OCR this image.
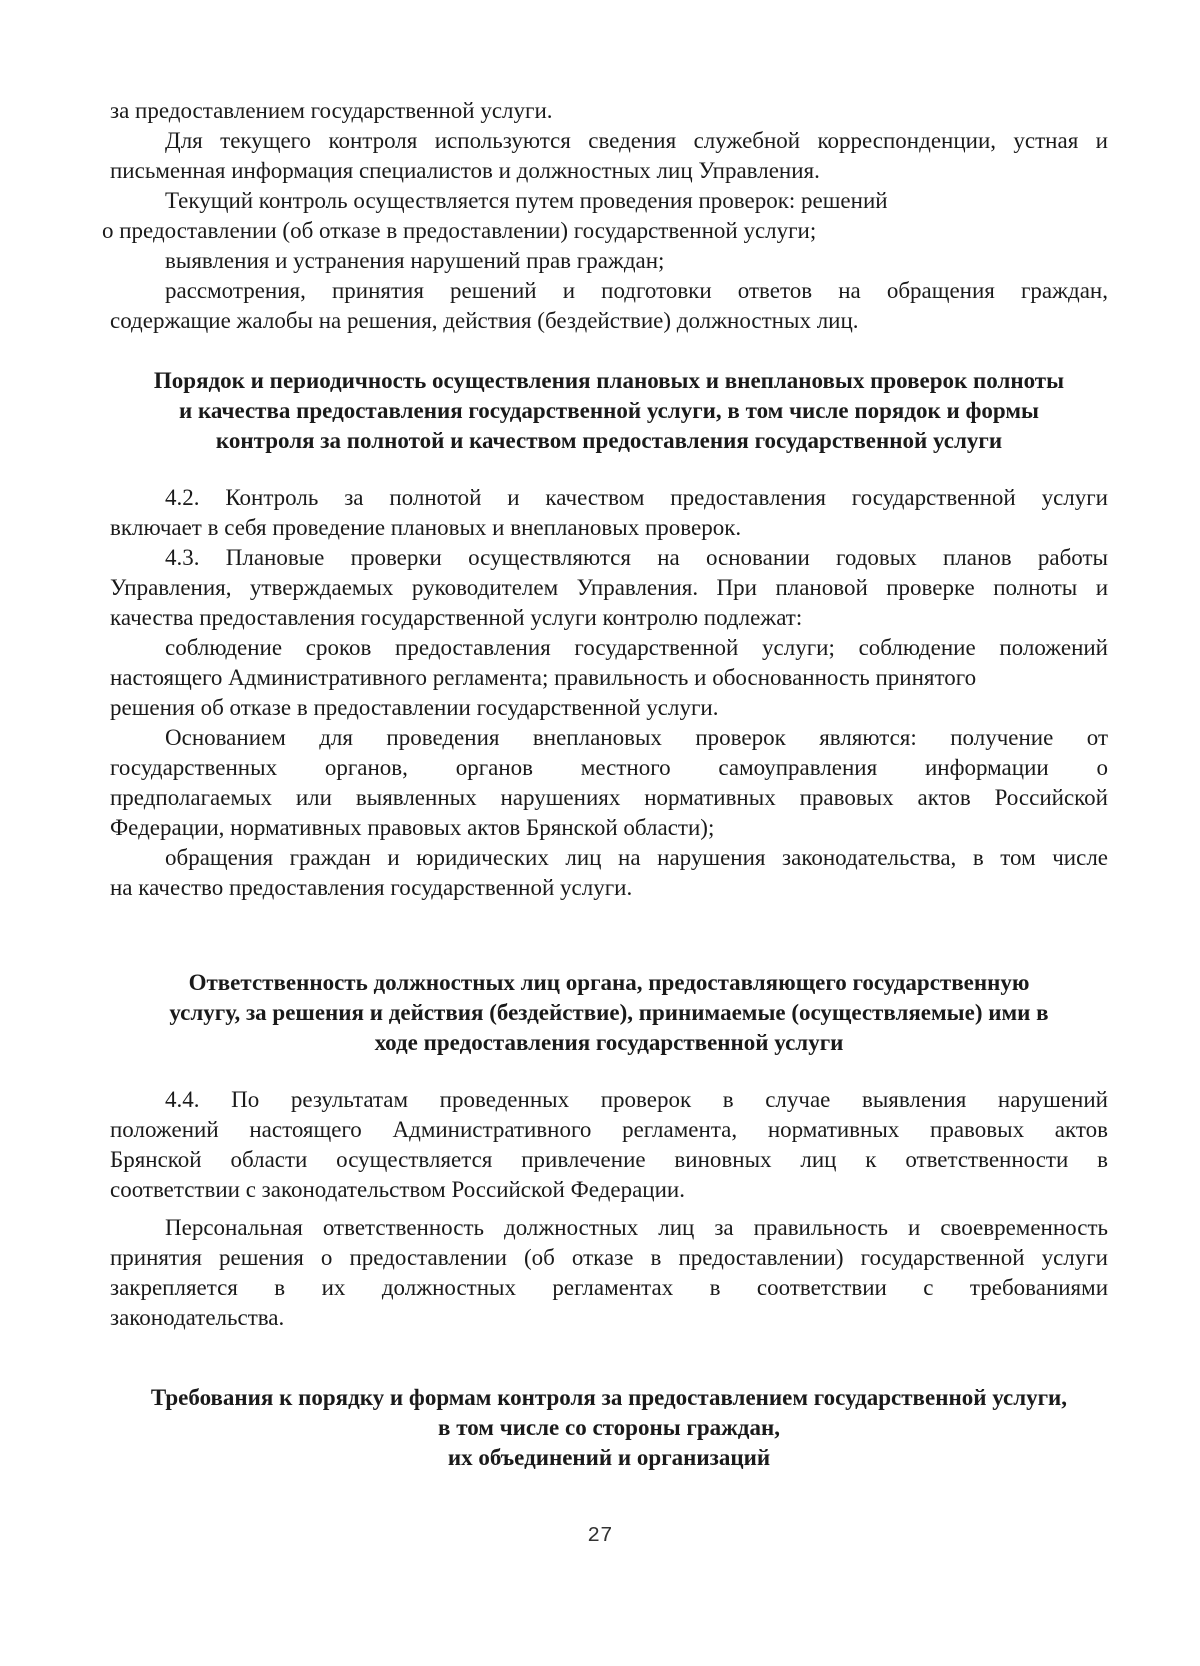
за предоставлением государственной услуги.
Для текущего контроля используются сведения служебной корреспонденции, устная и
письменная информация специалистов и должностных лиц Управления.
Текущий контроль осуществляется путем проведения проверок: решений
о предоставлении (об отказе в предоставлении) государственной услуги;
выявления и устранения нарушений прав граждан;
рассмотрения, принятия решений и подготовки ответов на обращения граждан,
содержащие жалобы на решения, действия (бездействие) должностных лиц.
Порядок и периодичность осуществления плановых и внеплановых проверок полноты
и качества предоставления государственной услуги, в том числе порядок и формы
контроля за полнотой и качеством предоставления государственной услуги
4.2. Контроль за полнотой и качеством предоставления государственной услуги
включает в себя проведение плановых и внеплановых проверок.
4.3. Плановые проверки осуществляются на основании годовых планов работы
Управления, утверждаемых руководителем Управления. При плановой проверке полноты и
качества предоставления государственной услуги контролю подлежат:
соблюдение сроков предоставления государственной услуги; соблюдение положений
настоящего Административного регламента; правильность и обоснованность принятого
решения об отказе в предоставлении государственной услуги.
Основанием для проведения внеплановых проверок являются: получение от
государственных органов, органов местного самоуправления информации о
предполагаемых или выявленных нарушениях нормативных правовых актов Российской
Федерации, нормативных правовых актов Брянской области);
обращения граждан и юридических лиц на нарушения законодательства, в том числе
на качество предоставления государственной услуги.
Ответственность должностных лиц органа, предоставляющего государственную
услугу, за решения и действия (бездействие), принимаемые (осуществляемые) ими в
ходе предоставления государственной услуги
4.4. По результатам проведенных проверок в случае выявления нарушений
положений настоящего Административного регламента, нормативных правовых актов
Брянской области осуществляется привлечение виновных лиц к ответственности в
соответствии с законодательством Российской Федерации.
Персональная ответственность должностных лиц за правильность и своевременность
принятия решения о предоставлении (об отказе в предоставлении) государственной услуги
закрепляется в их должностных регламентах в соответствии с требованиями
законодательства.
Требования к порядку и формам контроля за предоставлением государственной услуги,
в том числе со стороны граждан,
их объединений и организаций
27
